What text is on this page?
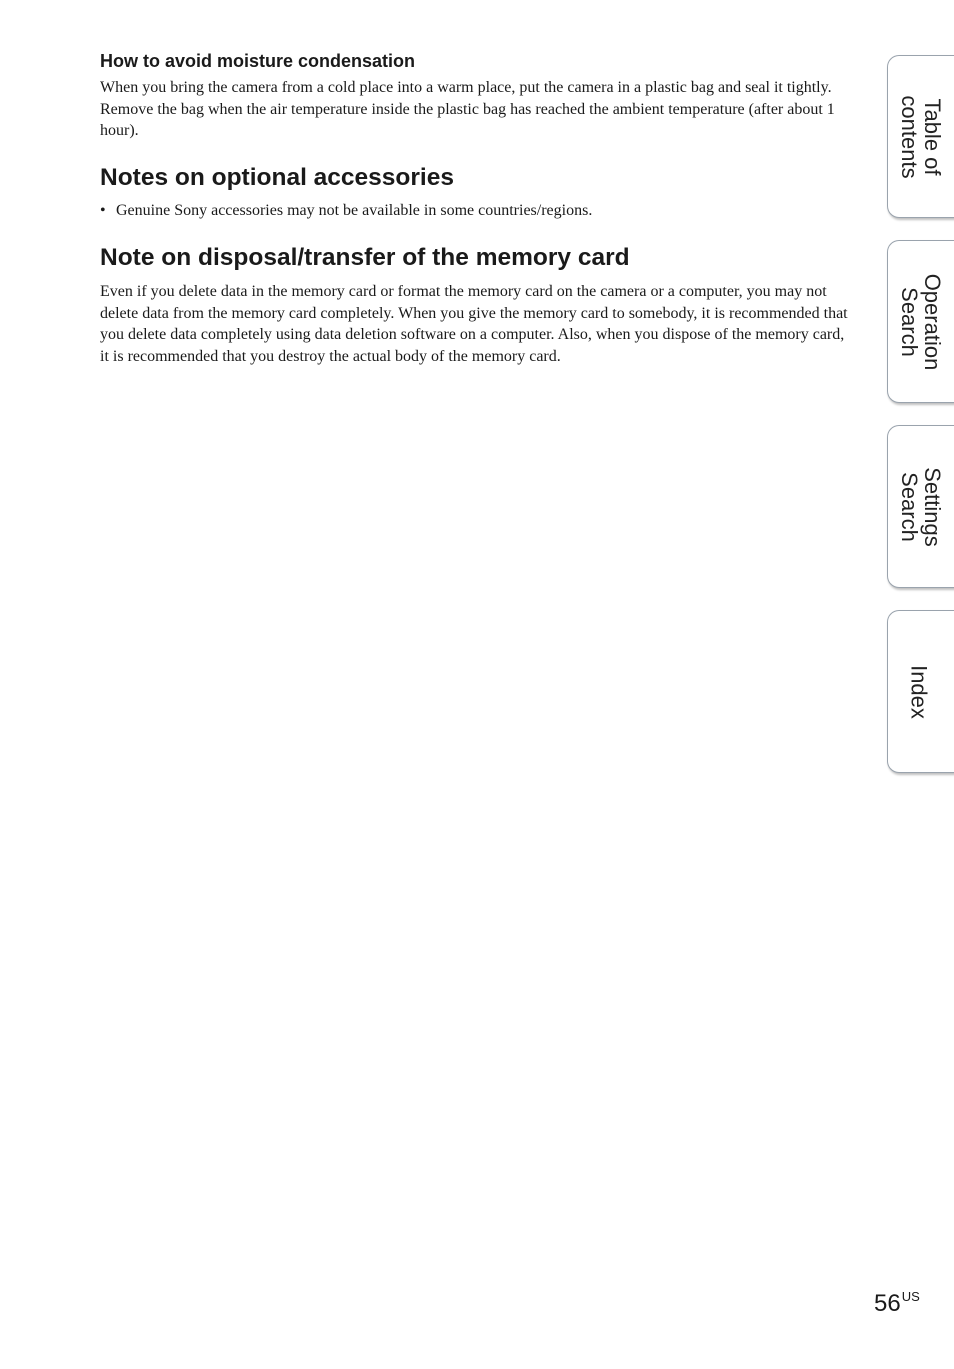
How to avoid moisture condensation

When you bring the camera from a cold place into a warm place, put the camera in a plastic bag and seal it tightly. Remove the bag when the air temperature inside the plastic bag has reached the ambient temperature (after about 1 hour).

Notes on optional accessories
• Genuine Sony accessories may not be available in some countries/regions.
Note on disposal/transfer of the memory card

Even if you delete data in the memory card or format the memory card on the camera or a computer, you may not delete data from the memory card completely. When you give the memory card to somebody, it is recommended that you delete data completely using data deletion software on a computer. Also, when you dispose of the memory card, it is recommended that you destroy the actual body of the memory card.

Table of
contents
Operation
Search
Settings
Search
Index
$56^{US}$
